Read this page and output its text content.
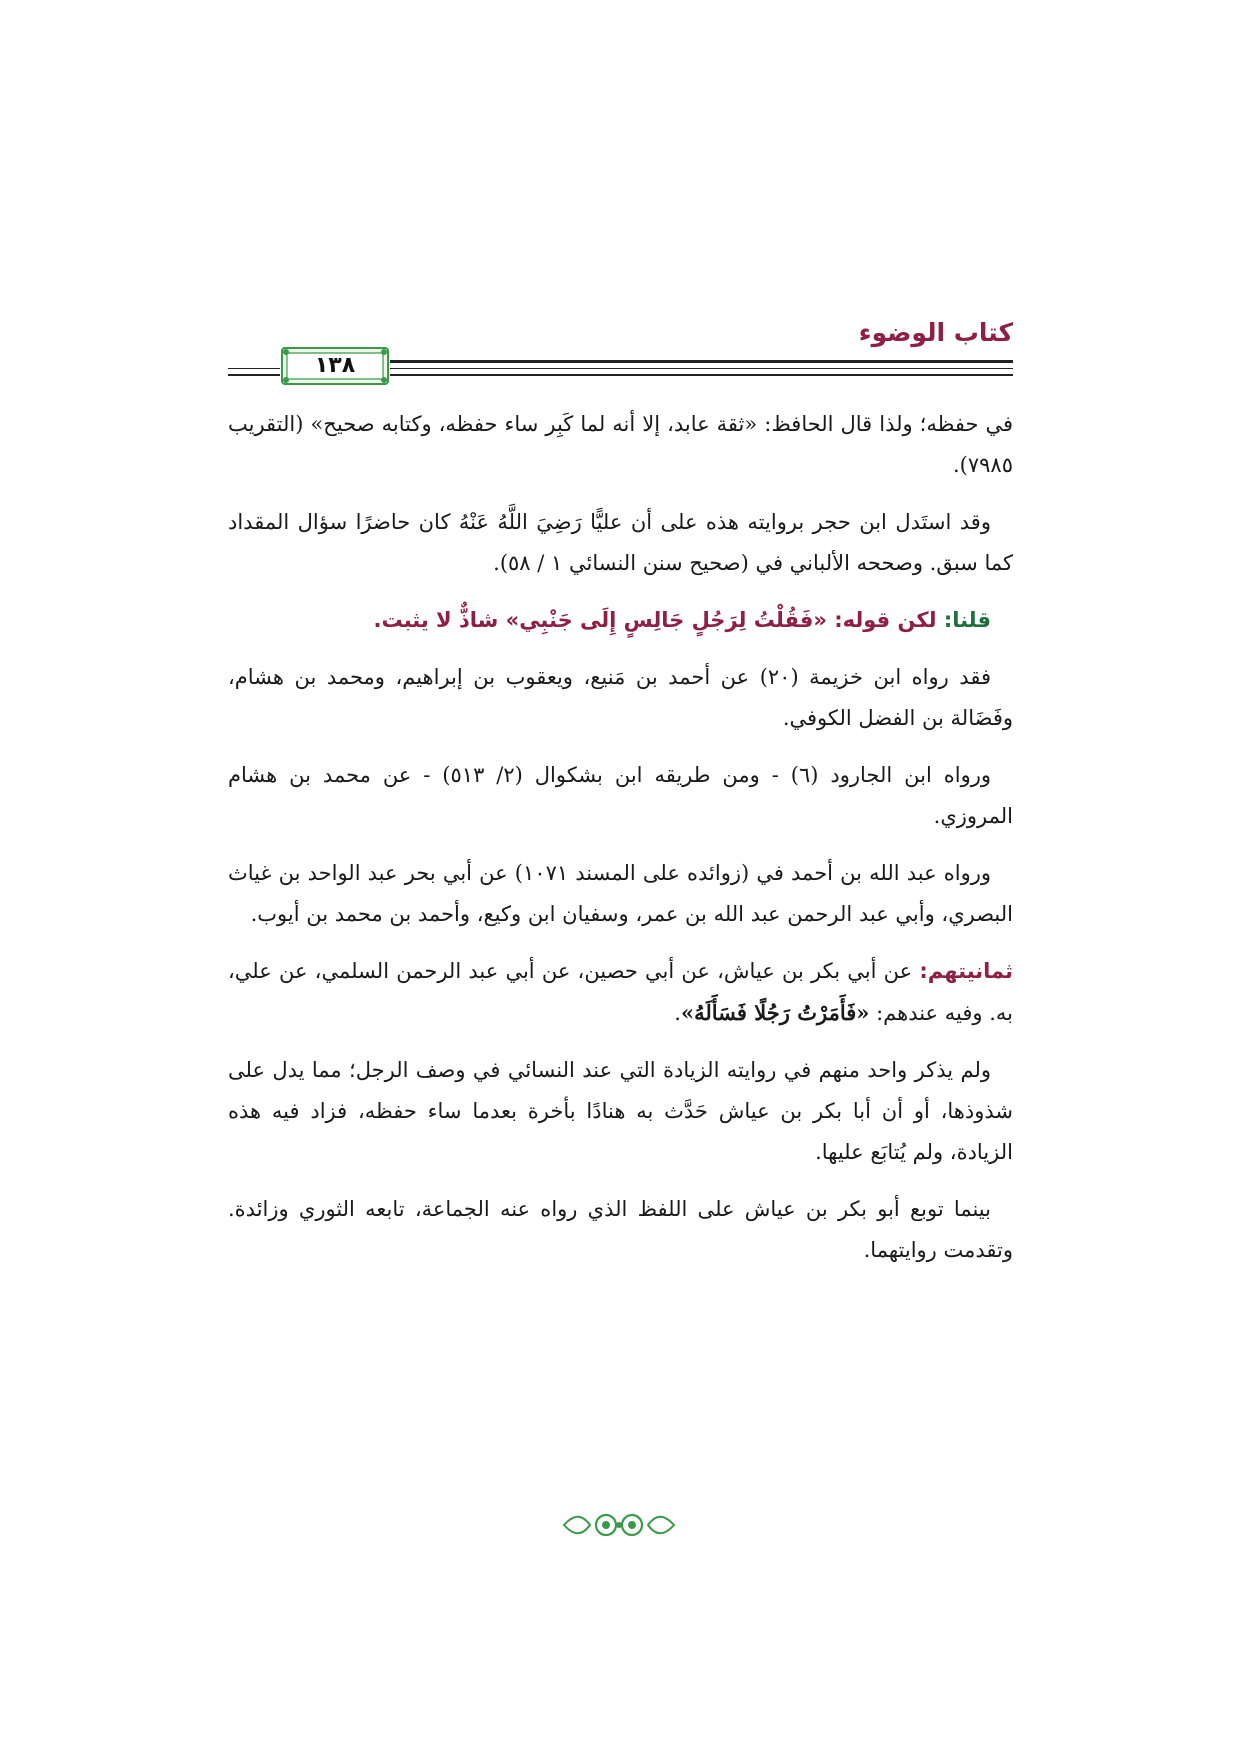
كتاب الوضوء
١٣٨

في حفظه؛ ولذا قال الحافظ: «ثقة عابد، إلا أنه لما كَبِر ساء حفظه، وكتابه صحيح» (التقريب ٧٩٨٥).

وقد استَدل ابن حجر بروايته هذه على أن عليًّا رَضِيَ اللَّهُ عَنْهُ كان حاضرًا سؤال المقداد كما سبق. وصححه الألباني في (صحيح سنن النسائي ١ / ٥٨).

قلنا: لكن قوله: «فَقُلْتُ لِرَجُلٍ جَالِسٍ إِلَى جَنْبِي» شاذٌّ لا يثبت.

فقد رواه ابن خزيمة (٢٠) عن أحمد بن مَنيع، ويعقوب بن إبراهيم، ومحمد بن هشام، وفَضَالة بن الفضل الكوفي.

ورواه ابن الجارود (٦) - ومن طريقه ابن بشكوال (٢/ ٥١٣) - عن محمد بن هشام المروزي.

ورواه عبد الله بن أحمد في (زوائده على المسند ١٠٧١) عن أبي بحر عبد الواحد بن غياث البصري، وأبي عبد الرحمن عبد الله بن عمر، وسفيان ابن وكيع، وأحمد بن محمد بن أيوب.

ثمانيتهم: عن أبي بكر بن عياش، عن أبي حصين، عن أبي عبد الرحمن السلمي، عن علي، به. وفيه عندهم: «فَأَمَرْتُ رَجُلًا فَسَأَلَهُ».

ولم يذكر واحد منهم في روايته الزيادة التي عند النسائي في وصف الرجل؛ مما يدل على شذوذها، أو أن أبا بكر بن عياش حَدَّث به هنادًا بأخرة بعدما ساء حفظه، فزاد فيه هذه الزيادة، ولم يُتابَع عليها.

بينما توبع أبو بكر بن عياش على اللفظ الذي رواه عنه الجماعة، تابعه الثوري وزائدة. وتقدمت روايتهما.
